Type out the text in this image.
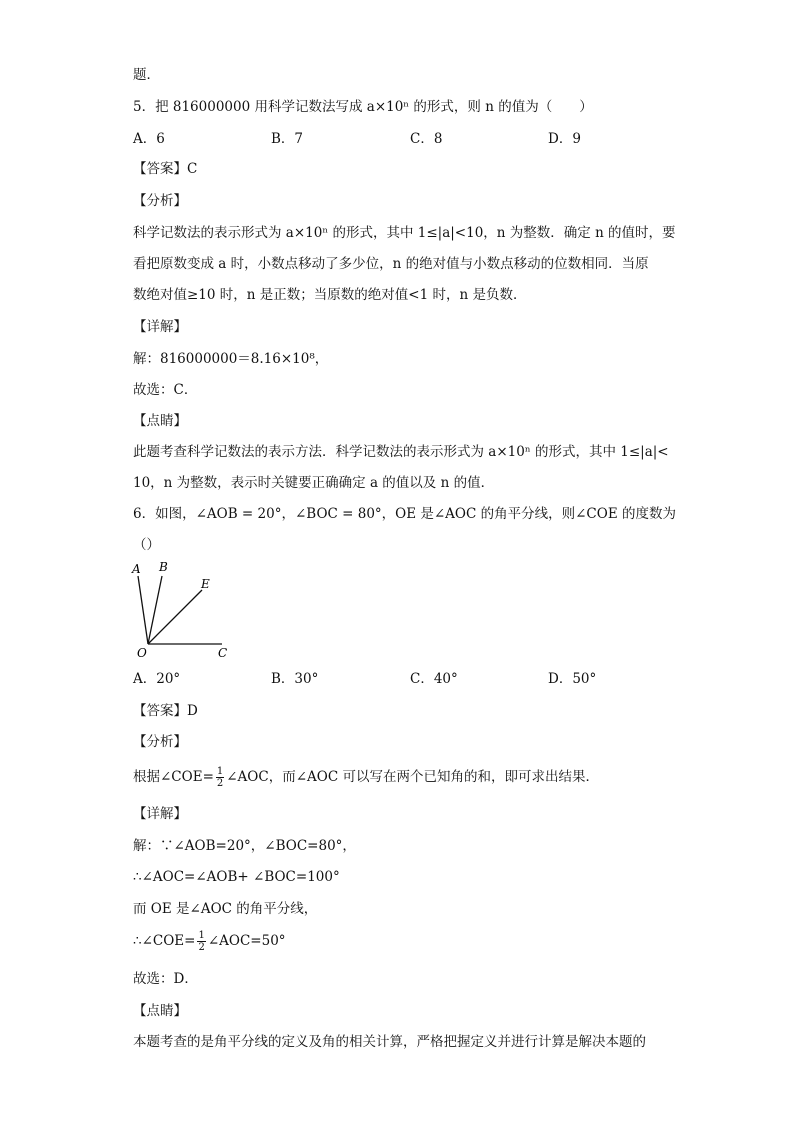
题．
5．把 816000000 用科学记数法写成 a×10ⁿ 的形式，则 n 的值为（　　）
A．6	B．7	C．8	D．9
【答案】C
【分析】
科学记数法的表示形式为 a×10ⁿ 的形式，其中 1≤|a|<10，n 为整数．确定 n 的值时，要
看把原数变成 a 时，小数点移动了多少位，n 的绝对值与小数点移动的位数相同．当原
数绝对值≥10 时，n 是正数；当原数的绝对值<1 时，n 是负数．
【详解】
解：816000000＝8.16×10⁸，
故选：C．
【点睛】
此题考查科学记数法的表示方法．科学记数法的表示形式为 a×10ⁿ 的形式，其中 1≤|a|<
10，n 为整数，表示时关键要正确确定 a 的值以及 n 的值．
6．如图，∠AOB = 20°，∠BOC = 80°，OE 是∠AOC 的角平分线，则∠COE 的度数为
（）
A B
E
O	C
A．20°	B．30°	C．40°	D．50°
【答案】D
【分析】
根据∠COE= $\frac{1}{2}$ ∠AOC，而∠AOC 可以写在两个已知角的和，即可求出结果．
【详解】
解：∵∠AOB=20°，∠BOC=80°，
∴∠AOC=∠AOB+ ∠BOC=100°
而 OE 是∠AOC 的角平分线，
∴∠COE= $\frac{1}{2}$ ∠AOC=50°
故选：D．
【点睛】
本题考查的是角平分线的定义及角的相关计算，严格把握定义并进行计算是解决本题的
